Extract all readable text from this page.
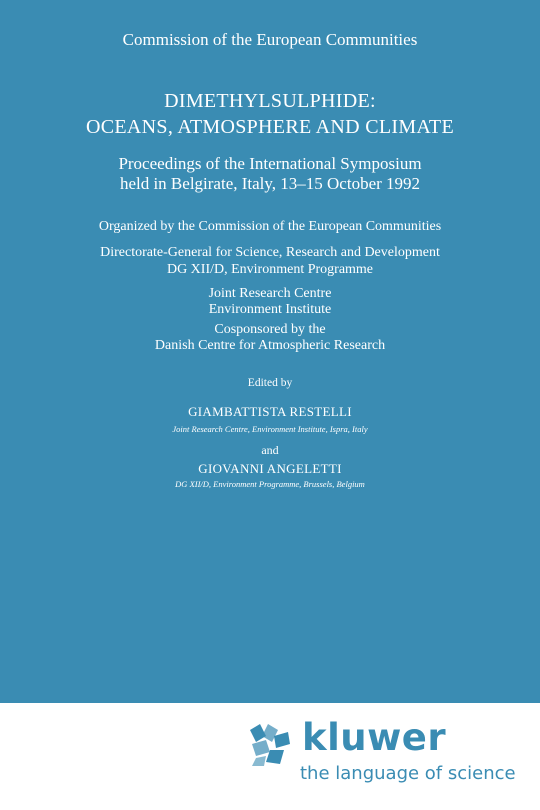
Commission of the European Communities
DIMETHYLSULPHIDE:
OCEANS, ATMOSPHERE AND CLIMATE
Proceedings of the International Symposium
held in Belgirate, Italy, 13–15 October 1992
Organized by the Commission of the European Communities
Directorate-General for Science, Research and Development
DG XII/D, Environment Programme
Joint Research Centre
Environment Institute
Cosponsored by the
Danish Centre for Atmospheric Research
Edited by
GIAMBATTISTA RESTELLI
Joint Research Centre, Environment Institute, Ispra, Italy
and
GIOVANNI ANGELETTI
DG XII/D, Environment Programme, Brussels, Belgium
kluwer
the language of science
